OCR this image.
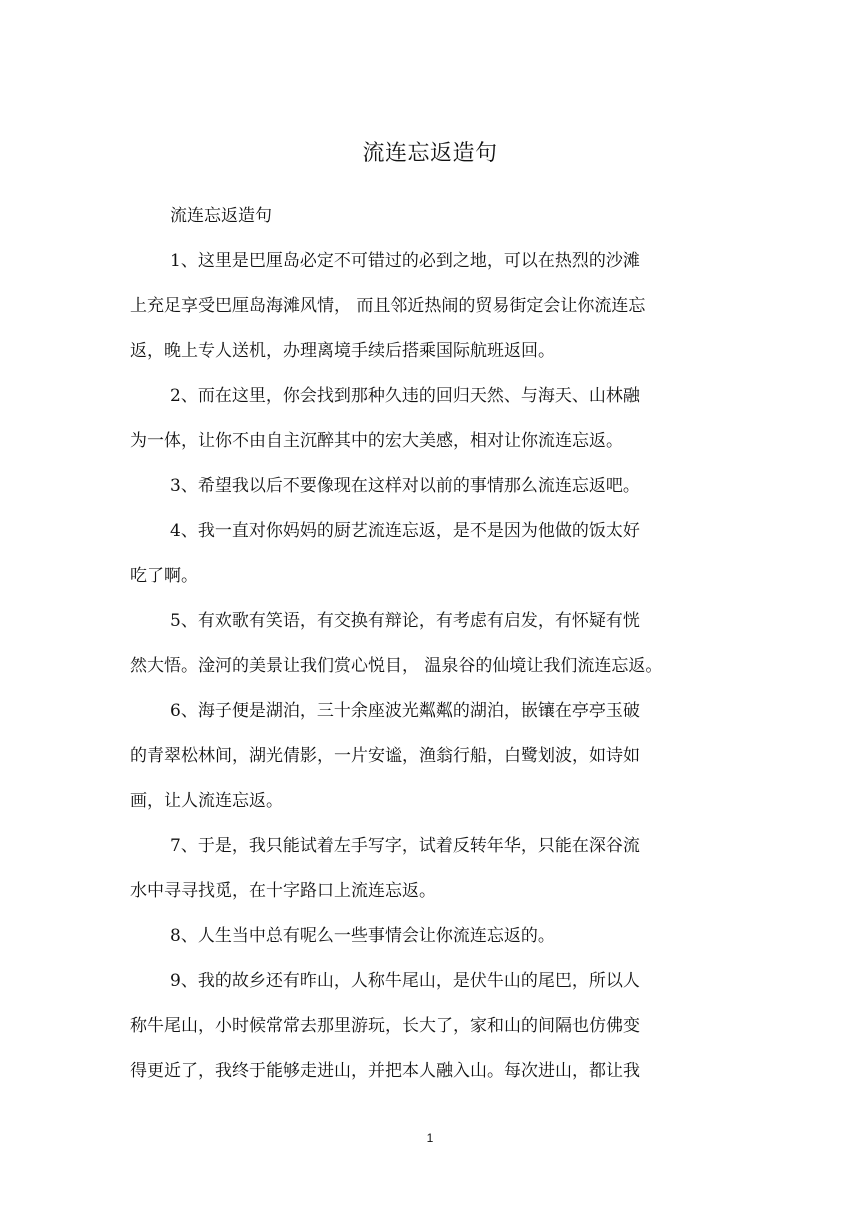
流连忘返造句
流连忘返造句
1、这里是巴厘岛必定不可错过的必到之地，可以在热烈的沙滩
上充足享受巴厘岛海滩风情， 而且邻近热闹的贸易街定会让你流连忘
返，晚上专人送机，办理离境手续后搭乘国际航班返回。
2、而在这里，你会找到那种久违的回归天然、与海天、山林融
为一体，让你不由自主沉醉其中的宏大美感，相对让你流连忘返。
3、希望我以后不要像现在这样对以前的事情那么流连忘返吧。
4、我一直对你妈妈的厨艺流连忘返，是不是因为他做的饭太好
吃了啊。
5、有欢歌有笑语，有交换有辩论，有考虑有启发，有怀疑有恍
然大悟。淦河的美景让我们赏心悦目， 温泉谷的仙境让我们流连忘返。
6、海子便是湖泊，三十余座波光粼粼的湖泊，嵌镶在亭亭玉破
的青翠松林间，湖光倩影，一片安谧，渔翁行船，白鹭划波，如诗如
画，让人流连忘返。
7、于是，我只能试着左手写字，试着反转年华，只能在深谷流
水中寻寻找觅，在十字路口上流连忘返。
8、人生当中总有呢么一些事情会让你流连忘返的。
9、我的故乡还有昨山，人称牛尾山，是伏牛山的尾巴，所以人
称牛尾山，小时候常常去那里游玩，长大了，家和山的间隔也仿佛变
得更近了，我终于能够走进山，并把本人融入山。每次进山，都让我
1
